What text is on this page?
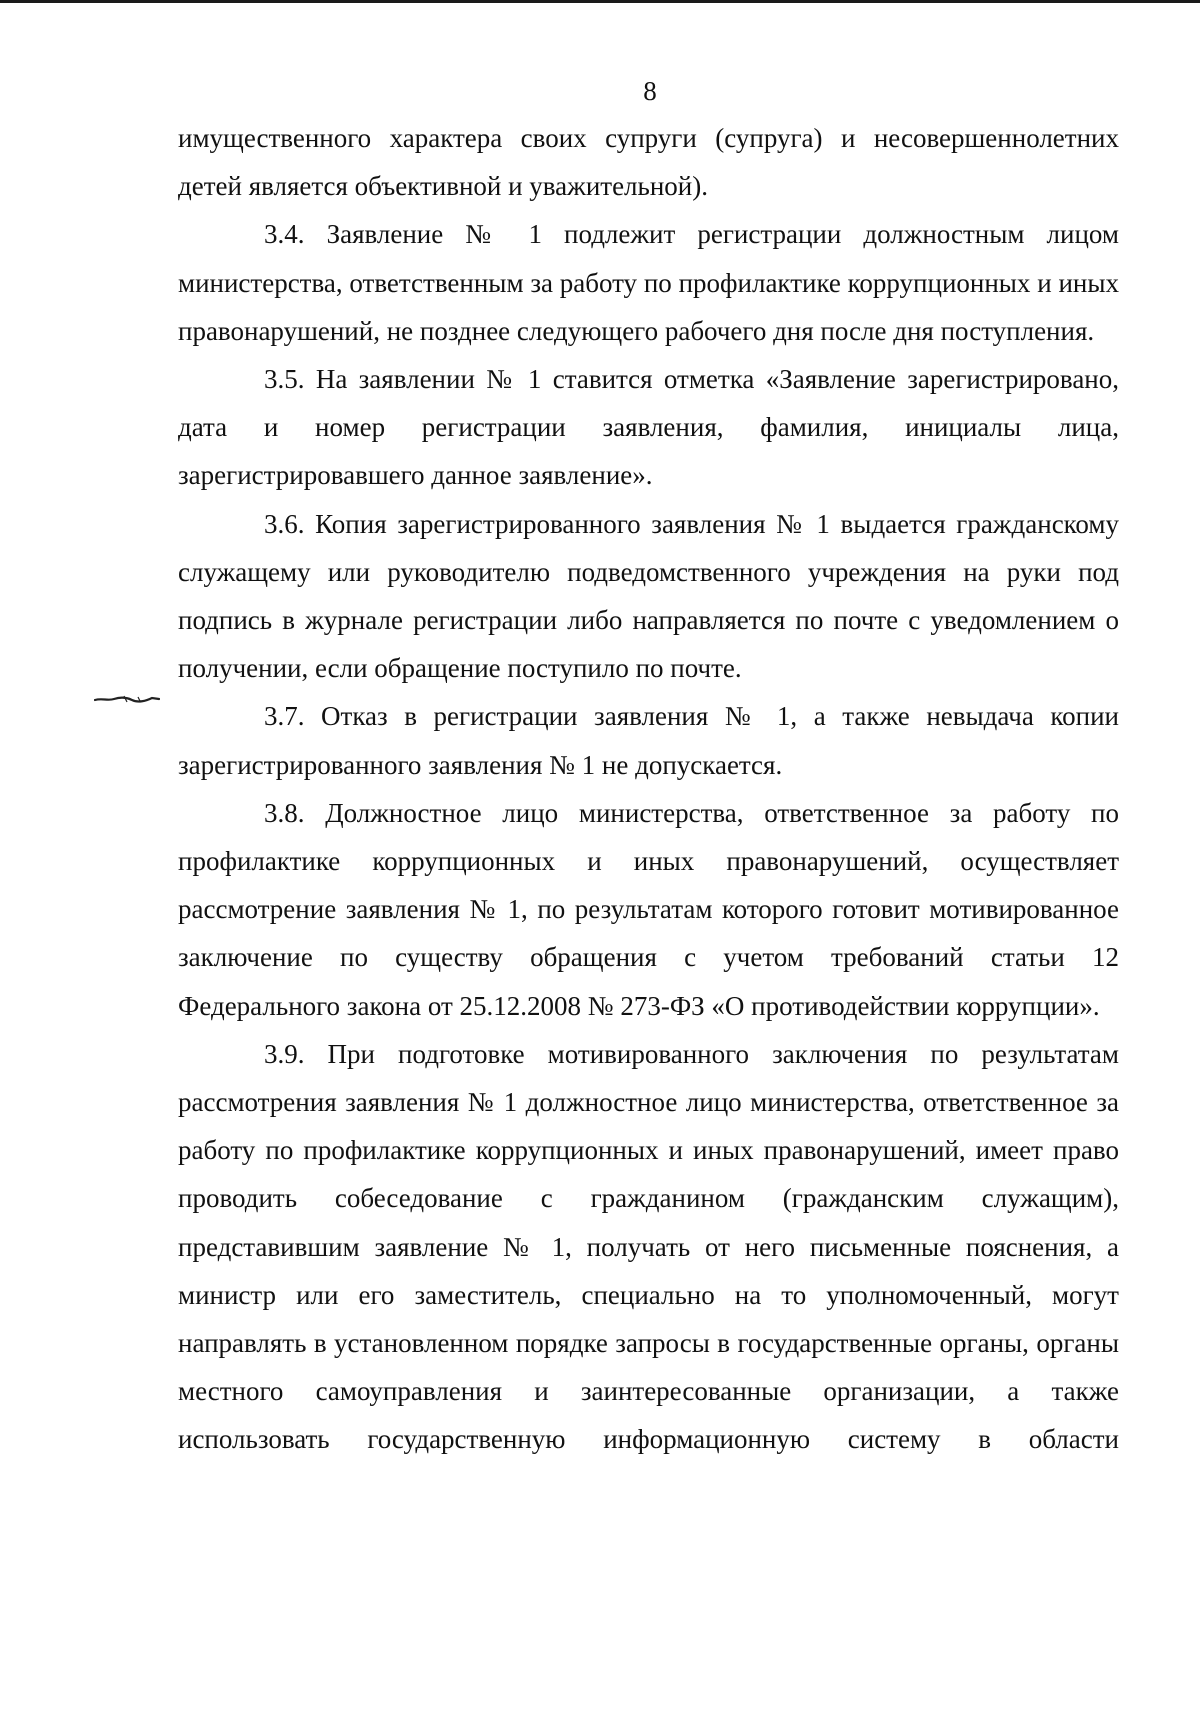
8

имущественного характера своих супруги (супруга) и несовершеннолетних детей является объективной и уважительной).

3.4. Заявление № 1 подлежит регистрации должностным лицом министерства, ответственным за работу по профилактике коррупционных и иных правонарушений, не позднее следующего рабочего дня после дня поступления.

3.5. На заявлении № 1 ставится отметка «Заявление зарегистрировано, дата и номер регистрации заявления, фамилия, инициалы лица, зарегистрировавшего данное заявление».

3.6. Копия зарегистрированного заявления № 1 выдается гражданскому служащему или руководителю подведомственного учреждения на руки под подпись в журнале регистрации либо направляется по почте с уведомлением о получении, если обращение поступило по почте.

3.7. Отказ в регистрации заявления № 1, а также невыдача копии зарегистрированного заявления № 1 не допускается.

3.8. Должностное лицо министерства, ответственное за работу по профилактике коррупционных и иных правонарушений, осуществляет рассмотрение заявления № 1, по результатам которого готовит мотивированное заключение по существу обращения с учетом требований статьи 12 Федерального закона от 25.12.2008 № 273-ФЗ «О противодействии коррупции».

3.9. При подготовке мотивированного заключения по результатам рассмотрения заявления № 1 должностное лицо министерства, ответственное за работу по профилактике коррупционных и иных правонарушений, имеет право проводить собеседование с гражданином (гражданским служащим), представившим заявление № 1, получать от него письменные пояснения, а министр или его заместитель, специально на то уполномоченный, могут направлять в установленном порядке запросы в государственные органы, органы местного самоуправления и заинтересованные организации, а также использовать государственную информационную систему в области
